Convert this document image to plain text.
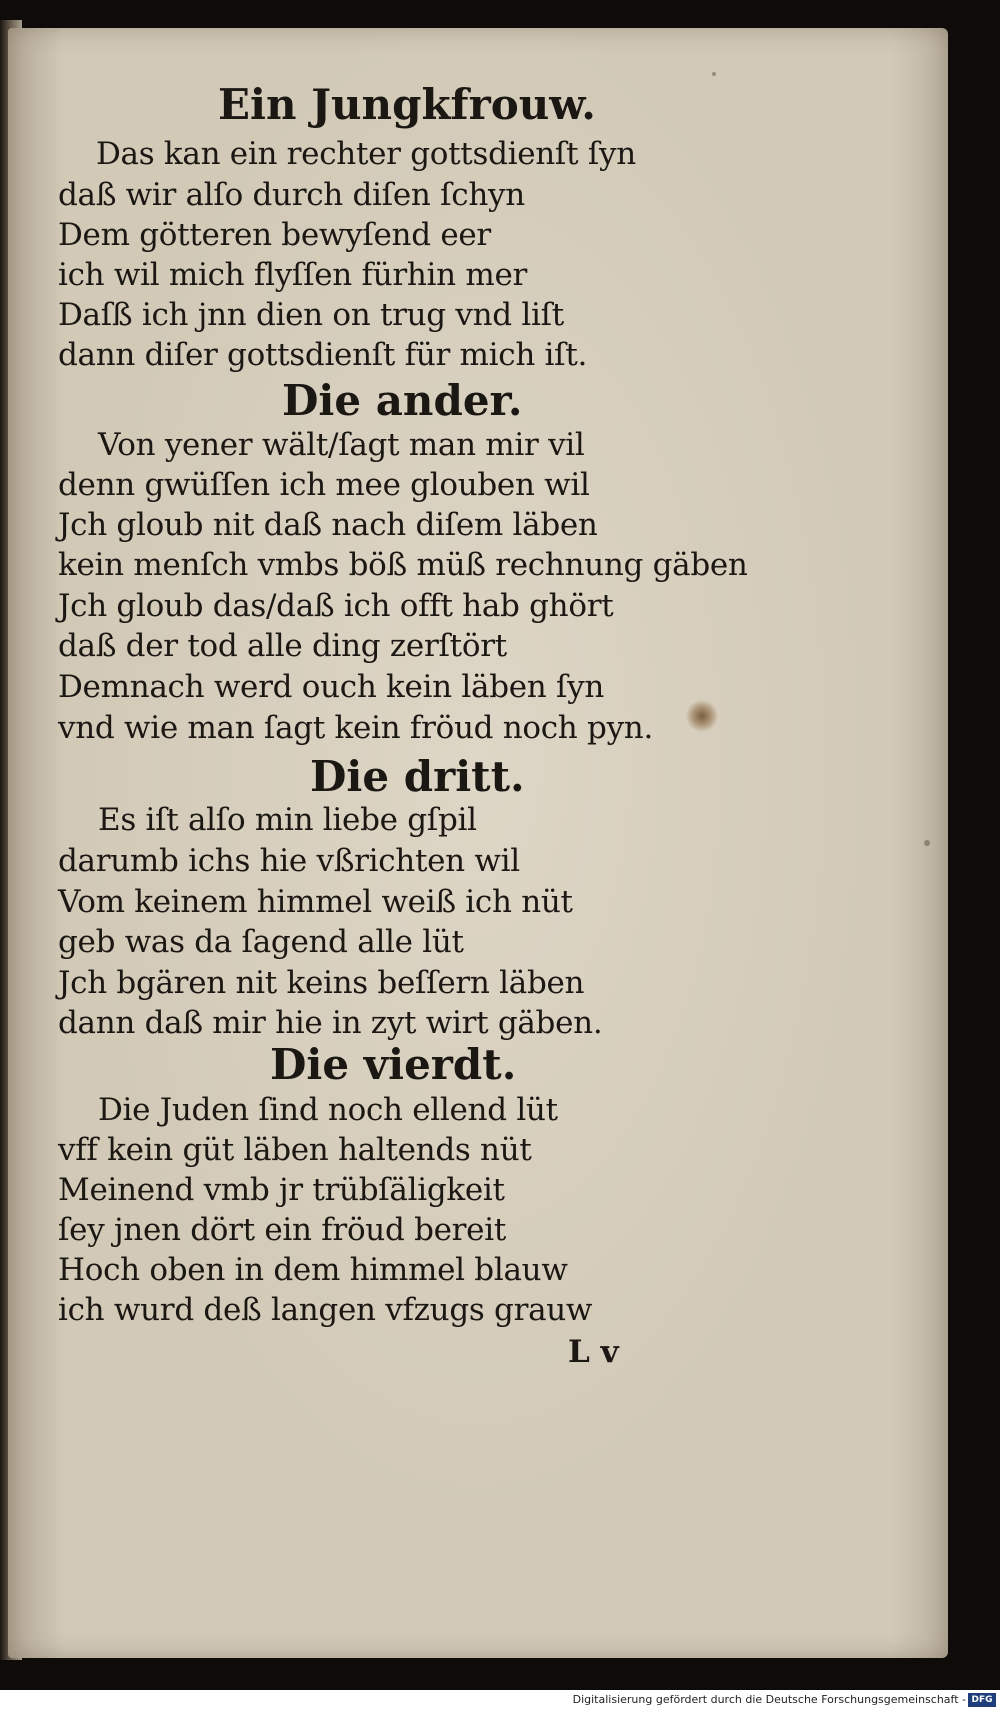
Ein Jungkfrouw.
Das kan ein rechter gottsdienſt ſyn
daß wir alſo durch diſen ſchyn
Dem götteren bewyſend eer
ich wil mich flyſſen fürhin mer
Daſß ich jnn dien on trug vnd liſt
dann diſer gottsdienſt für mich iſt.
Die ander.
Von yener wält/ſagt man mir vil
denn gwüſſen ich mee glouben wil
Jch gloub nit daß nach diſem läben
kein menſch vmbs böß müß rechnung gäben
Jch gloub das/daß ich offt hab ghört
daß der tod alle ding zerſtört
Demnach werd ouch kein läben ſyn
vnd wie man ſagt kein fröud noch pyn.
Die dritt.
Es iſt alſo min liebe gſpil
darumb ichs hie vßrichten wil
Vom keinem himmel weiß ich nüt
geb was da ſagend alle lüt
Jch bgären nit keins beſſern läben
dann daß mir hie in zyt wirt gäben.
Die vierdt.
Die Juden ſind noch ellend lüt
vff kein güt läben haltends nüt
Meinend vmb jr trübſäligkeit
ſey jnen dört ein fröud bereit
Hoch oben in dem himmel blauw
ich wurd deß langen vfzugs grauw
L v
Digitalisierung gefördert durch die Deutsche Forschungsgemeinschaft - DFG
